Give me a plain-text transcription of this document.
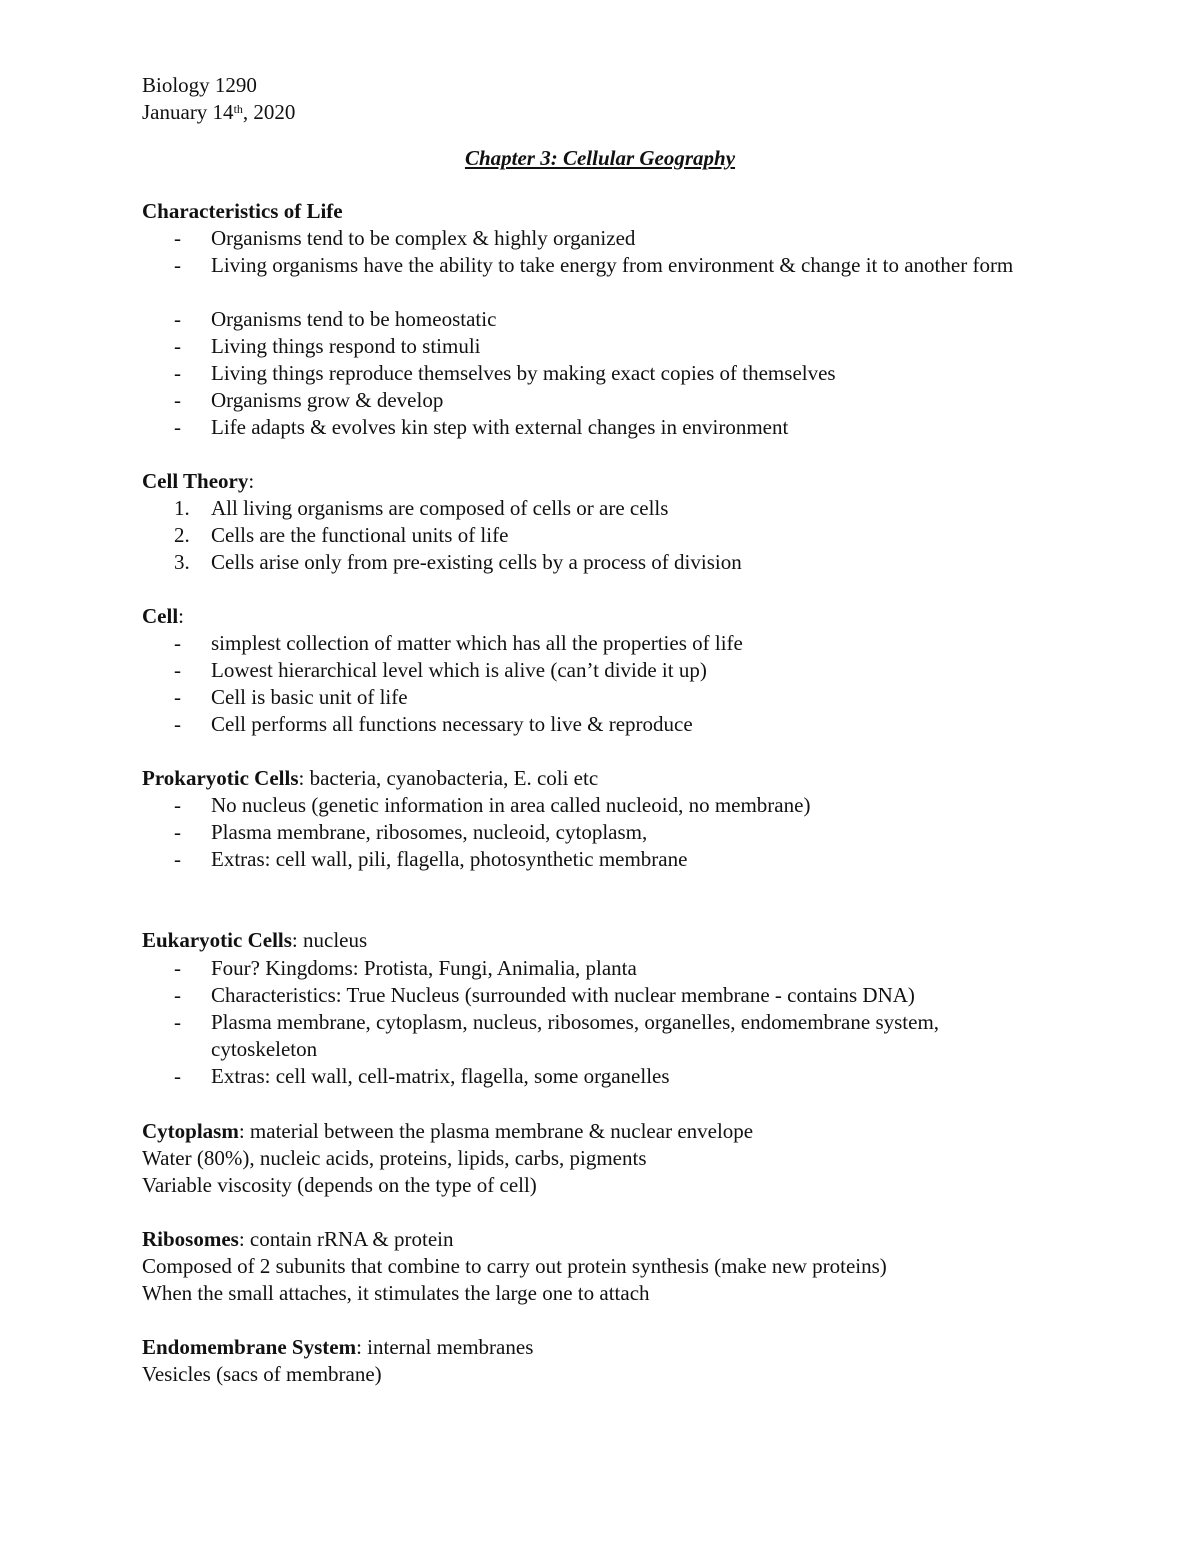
Biology 1290
January 14th, 2020
Chapter 3: Cellular Geography
Characteristics of Life
- Organisms tend to be complex & highly organized
- Living organisms have the ability to take energy from environment & change it to another form
- Organisms tend to be homeostatic
- Living things respond to stimuli
- Living things reproduce themselves by making exact copies of themselves
- Organisms grow & develop
- Life adapts & evolves kin step with external changes in environment
Cell Theory:
1. All living organisms are composed of cells or are cells
2. Cells are the functional units of life
3. Cells arise only from pre-existing cells by a process of division
Cell:
- simplest collection of matter which has all the properties of life
- Lowest hierarchical level which is alive (can’t divide it up)
- Cell is basic unit of life
- Cell performs all functions necessary to live & reproduce
Prokaryotic Cells: bacteria, cyanobacteria, E. coli etc
- No nucleus (genetic information in area called nucleoid, no membrane)
- Plasma membrane, ribosomes, nucleoid, cytoplasm,
- Extras: cell wall, pili, flagella, photosynthetic membrane
Eukaryotic Cells: nucleus
- Four? Kingdoms: Protista, Fungi, Animalia, planta
- Characteristics: True Nucleus (surrounded with nuclear membrane - contains DNA)
- Plasma membrane, cytoplasm, nucleus, ribosomes, organelles, endomembrane system, cytoskeleton
- Extras: cell wall, cell-matrix, flagella, some organelles
Cytoplasm: material between the plasma membrane & nuclear envelope
Water (80%), nucleic acids, proteins, lipids, carbs, pigments
Variable viscosity (depends on the type of cell)
Ribosomes: contain rRNA & protein
Composed of 2 subunits that combine to carry out protein synthesis (make new proteins)
When the small attaches, it stimulates the large one to attach
Endomembrane System: internal membranes
Vesicles (sacs of membrane)
